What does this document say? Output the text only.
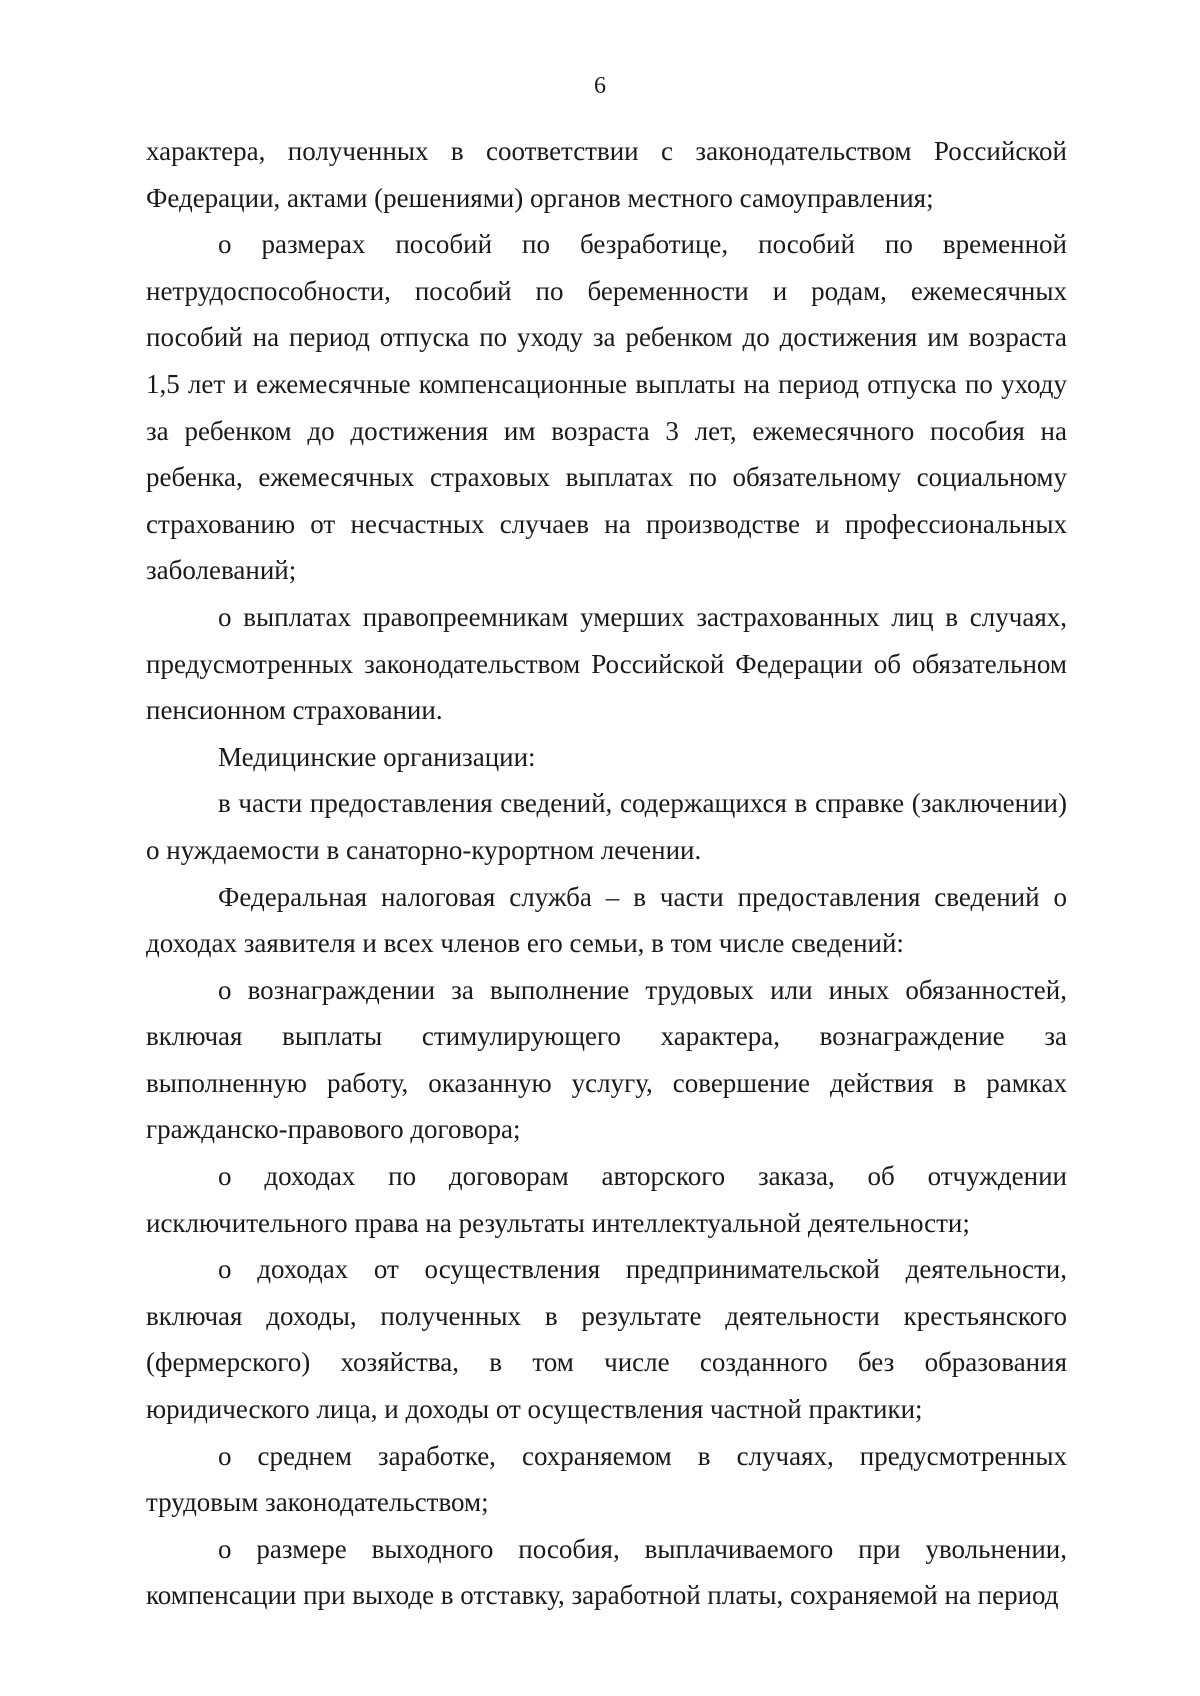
6

характера, полученных в соответствии с законодательством Российской Федерации, актами (решениями) органов местного самоуправления;

о размерах пособий по безработице, пособий по временной нетрудоспособности, пособий по беременности и родам, ежемесячных пособий на период отпуска по уходу за ребенком до достижения им возраста 1,5 лет и ежемесячные компенсационные выплаты на период отпуска по уходу за ребенком до достижения им возраста 3 лет, ежемесячного пособия на ребенка, ежемесячных страховых выплатах по обязательному социальному страхованию от несчастных случаев на производстве и профессиональных заболеваний;

о выплатах правопреемникам умерших застрахованных лиц в случаях, предусмотренных законодательством Российской Федерации об обязательном пенсионном страховании.

Медицинские организации:

в части предоставления сведений, содержащихся в справке (заключении) о нуждаемости в санаторно-курортном лечении.

Федеральная налоговая служба – в части предоставления сведений о доходах заявителя и всех членов его семьи, в том числе сведений:

о вознаграждении за выполнение трудовых или иных обязанностей, включая выплаты стимулирующего характера, вознаграждение за выполненную работу, оказанную услугу, совершение действия в рамках гражданско-правового договора;

о доходах по договорам авторского заказа, об отчуждении исключительного права на результаты интеллектуальной деятельности;

о доходах от осуществления предпринимательской деятельности, включая доходы, полученных в результате деятельности крестьянского (фермерского) хозяйства, в том числе созданного без образования юридического лица, и доходы от осуществления частной практики;

о среднем заработке, сохраняемом в случаях, предусмотренных трудовым законодательством;

о размере выходного пособия, выплачиваемого при увольнении, компенсации при выходе в отставку, заработной платы, сохраняемой на период
